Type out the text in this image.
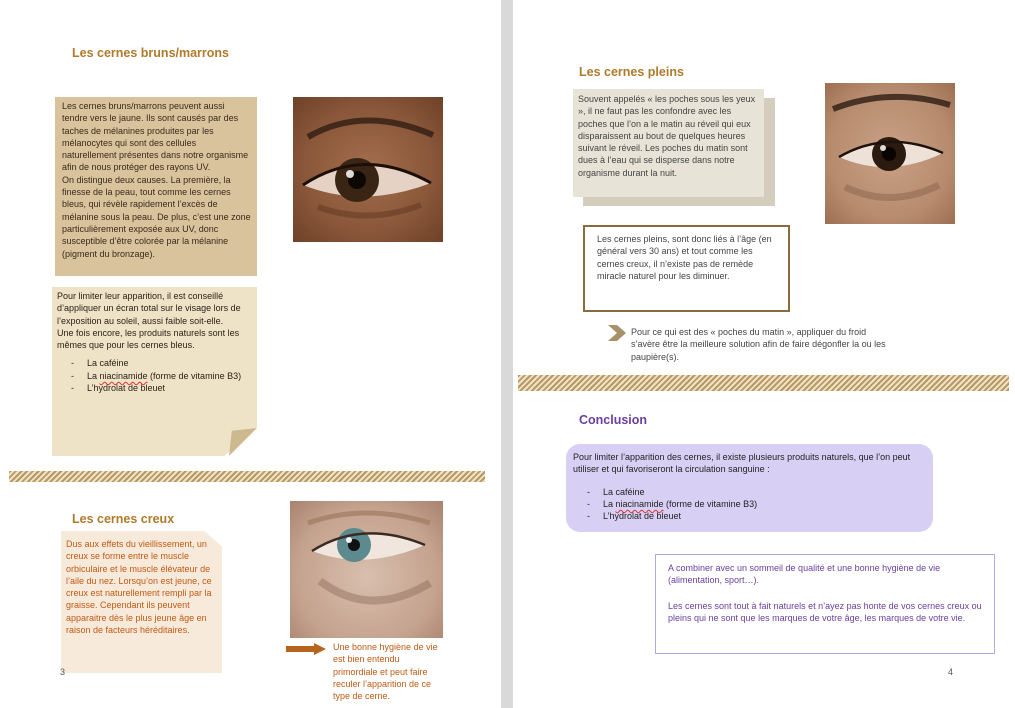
Les cernes bruns/marrons
Les cernes bruns/marrons peuvent aussi tendre vers le jaune. Ils sont causés par des taches de mélanines produites par les mélanocytes qui sont des cellules naturellement présentes dans notre organisme afin de nous protéger des rayons UV.
On distingue deux causes. La première, la finesse de la peau, tout comme les cernes bleus, qui révèle rapidement l’excès de mélanine sous la peau. De plus, c’est une zone particulièrement exposée aux UV, donc susceptible d’être colorée par la mélanine (pigment du bronzage).
Pour limiter leur apparition, il est conseillé d’appliquer un écran total sur le visage lors de l’exposition au soleil, aussi faible soit-elle.
Une fois encore, les produits naturels sont les mêmes que pour les cernes bleus.
- La caféine
- La niacinamide (forme de vitamine B3)
- L’hydrolat de bleuet
Les cernes creux
Dus aux effets du vieillissement, un creux se forme entre le muscle orbiculaire et le muscle élévateur de l’aile du nez. Lorsqu’on est jeune, ce creux est naturellement rempli par la graisse. Cependant ils peuvent apparaitre dès le plus jeune âge en raison de facteurs héréditaires.
Une bonne hygiène de vie est bien entendu primordiale et peut faire reculer l’apparition de ce type de cerne.
3
Les cernes pleins
Souvent appelés « les poches sous les yeux », il ne faut pas les confondre avec les poches que l’on a le matin au réveil qui eux disparaissent au bout de quelques heures suivant le réveil. Les poches du matin sont dues à l’eau qui se disperse dans notre organisme durant la nuit.
Les cernes pleins, sont donc liés à l’âge (en général vers 30 ans) et tout comme les cernes creux, il n’existe pas de remède miracle naturel pour les diminuer.
Pour ce qui est des « poches du matin », appliquer du froid s’avère être la meilleure solution afin de faire dégonfler la ou les paupière(s).
Conclusion
Pour limiter l’apparition des cernes, il existe plusieurs produits naturels, que l’on peut utiliser et qui favoriseront la circulation sanguine :
- La caféine
- La niacinamide (forme de vitamine B3)
- L’hydrolat de bleuet
A combiner avec un sommeil de qualité et une bonne hygiène de vie (alimentation, sport…).
Les cernes sont tout à fait naturels et n’ayez pas honte de vos cernes creux ou pleins qui ne sont que les marques de votre âge, les marques de votre vie.
4
